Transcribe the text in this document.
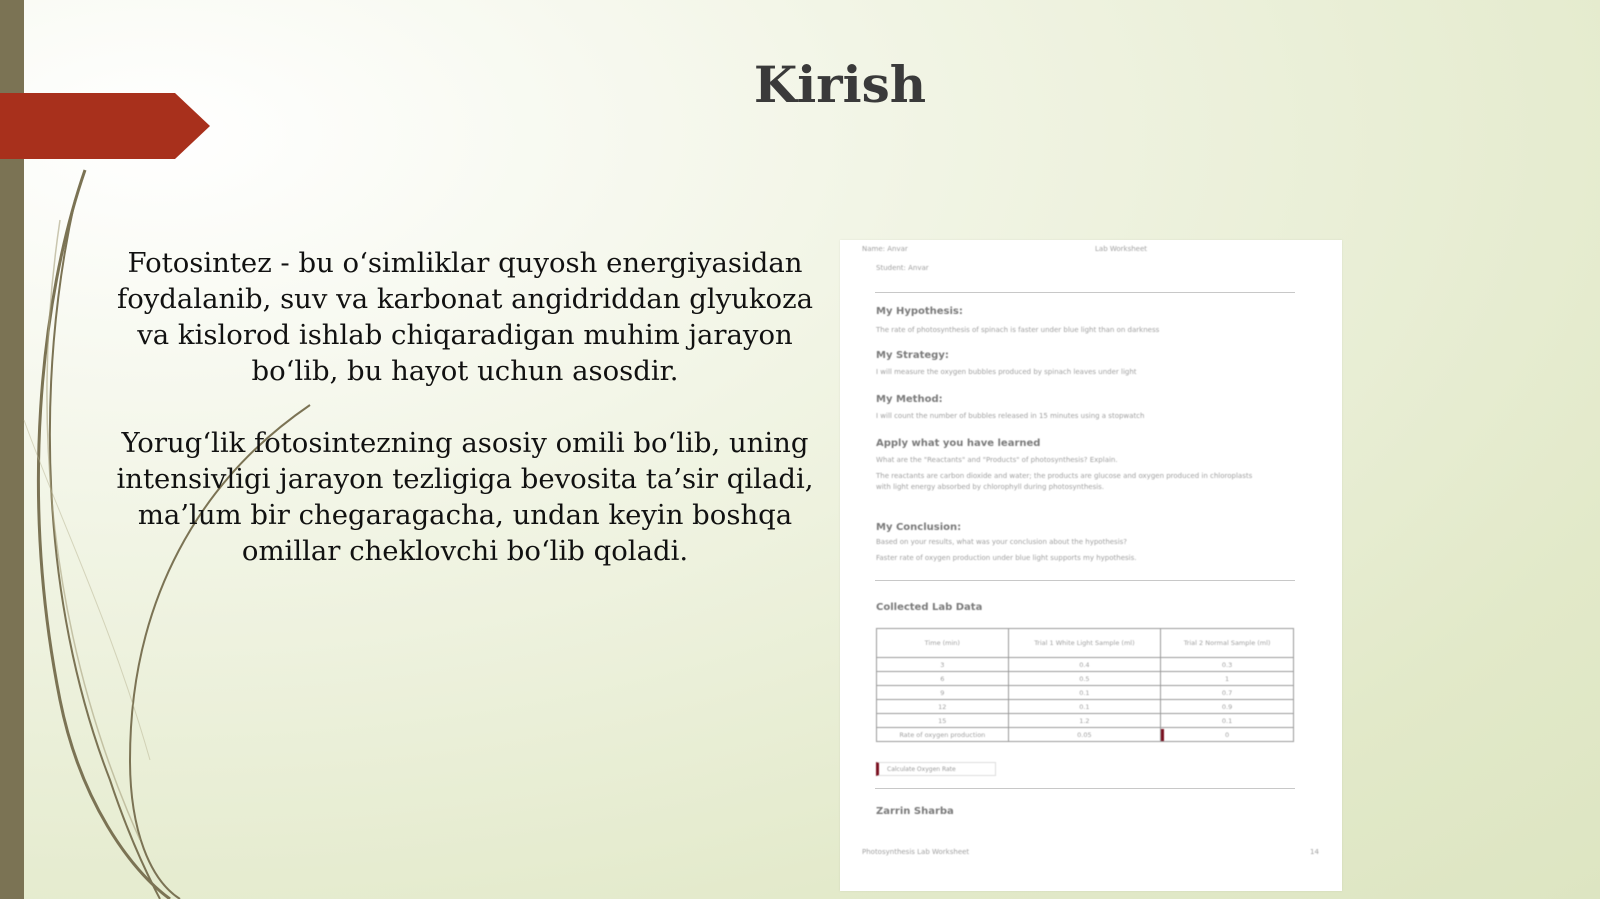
Kirish

Fotosintez - bu o‘simliklar quyosh energiyasidan foydalanib, suv va karbonat angidriddan glyukoza va kislorod ishlab chiqaradigan muhim jarayon bo‘lib, bu hayot uchun asosdir.

Yorug‘lik fotosintezning asosiy omili bo‘lib, uning intensivligi jarayon tezligiga bevosita ta’sir qiladi, ma’lum bir chegaragacha, undan keyin boshqa omillar cheklovchi bo‘lib qoladi.

Name: Anvar	Lab Worksheet
Student: Anvar
My Hypothesis:
The rate of photosynthesis of spinach is faster under blue light than on darkness
My Strategy:
I will measure the oxygen bubbles produced by spinach leaves under light
My Method:
I will count the number of bubbles released in 15 minutes using a stopwatch
Apply what you have learned
What are the "Reactants" and "Products" of photosynthesis? Explain.
The reactants are carbon dioxide and water; the products are glucose and oxygen produced in chloroplasts
with light energy absorbed by chlorophyll during photosynthesis.
My Conclusion:
Based on your results, what was your conclusion about the hypothesis?
Faster rate of oxygen production under blue light supports my hypothesis.
Collected Lab Data
Time (min)	Trial 1 White Light Sample (ml)	Trial 2 Normal Sample (ml)
3	0.4	0.3
6	0.5	1
9	0.1	0.7
12	0.1	0.9
15	1.2	0.1
Rate of oxygen production	0.05	0
Calculate Oxygen Rate
Zarrin Sharba
Photosynthesis Lab Worksheet	14
